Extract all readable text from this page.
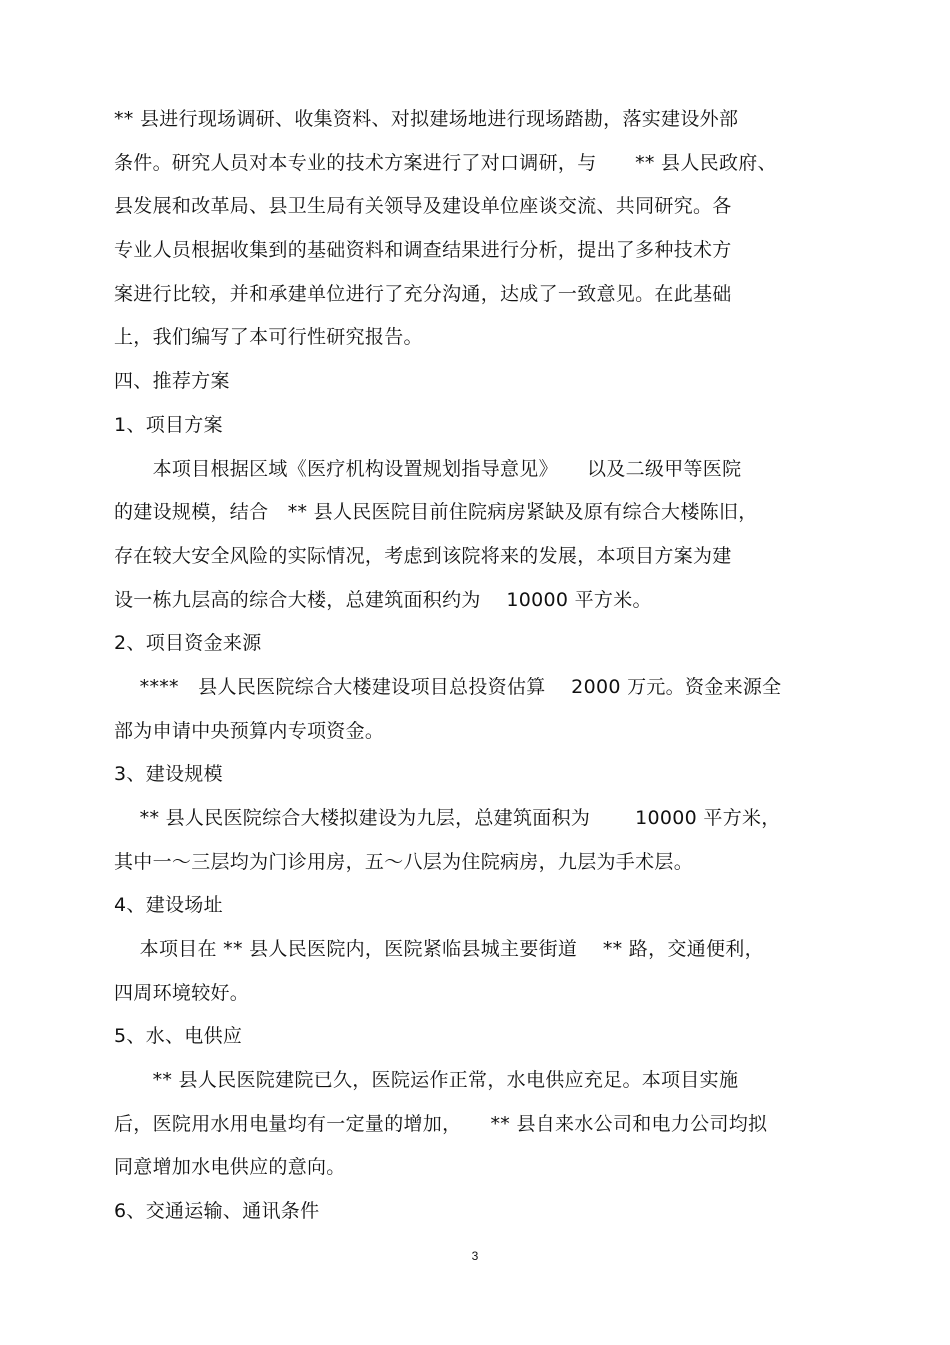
** 县进行现场调研、收集资料、对拟建场地进行现场踏勘，落实建设外部
条件。研究人员对本专业的技术方案进行了对口调研，与　　** 县人民政府、
县发展和改革局、县卫生局有关领导及建设单位座谈交流、共同研究。各
专业人员根据收集到的基础资料和调查结果进行分析，提出了多种技术方
案进行比较，并和承建单位进行了充分沟通，达成了一致意见。在此基础
上，我们编写了本可行性研究报告。
四、推荐方案
1、项目方案
　　本项目根据区域《医疗机构设置规划指导意见》　　以及二级甲等医院
的建设规模，结合　** 县人民医院目前住院病房紧缺及原有综合大楼陈旧，
存在较大安全风险的实际情况，考虑到该院将来的发展，本项目方案为建
设一栋九层高的综合大楼，总建筑面积约为　 10000 平方米。
2、项目资金来源
　 ****　县人民医院综合大楼建设项目总投资估算　 2000 万元。资金来源全
部为申请中央预算内专项资金。
3、建设规模
　 ** 县人民医院综合大楼拟建设为九层，总建筑面积为　　 10000 平方米，
其中一～三层均为门诊用房，五～八层为住院病房，九层为手术层。
4、建设场址
　 本项目在 ** 县人民医院内，医院紧临县城主要街道　 ** 路，交通便利，
四周环境较好。
5、水、电供应
　　** 县人民医院建院已久，医院运作正常，水电供应充足。本项目实施
后，医院用水用电量均有一定量的增加，　　** 县自来水公司和电力公司均拟
同意增加水电供应的意向。
6、交通运输、通讯条件
3
